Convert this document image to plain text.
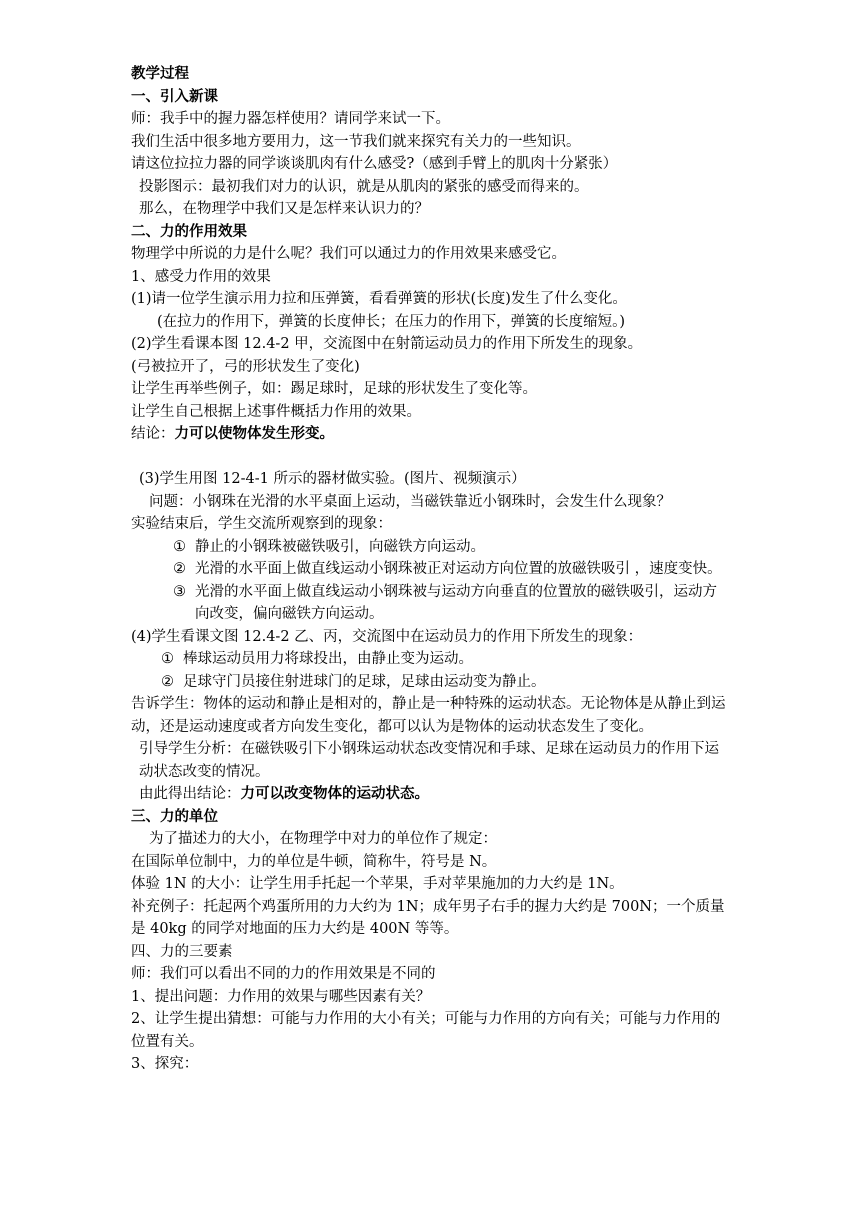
教学过程
一、引入新课
师：我手中的握力器怎样使用？请同学来试一下。
我们生活中很多地方要用力，这一节我们就来探究有关力的一些知识。
请这位拉拉力器的同学谈谈肌肉有什么感受?（感到手臂上的肌肉十分紧张）
投影图示：最初我们对力的认识，就是从肌肉的紧张的感受而得来的。
那么，在物理学中我们又是怎样来认识力的？
二、力的作用效果
物理学中所说的力是什么呢？我们可以通过力的作用效果来感受它。
1、感受力作用的效果
(1)请一位学生演示用力拉和压弹簧，看看弹簧的形状(长度)发生了什么变化。
(在拉力的作用下，弹簧的长度伸长；在压力的作用下，弹簧的长度缩短。)
(2)学生看课本图 12.4-2 甲，交流图中在射箭运动员力的作用下所发生的现象。
(弓被拉开了，弓的形状发生了变化)
让学生再举些例子，如：踢足球时，足球的形状发生了变化等。
让学生自己根据上述事件概括力作用的效果。
结论：力可以使物体发生形变。
(3)学生用图 12-4-1 所示的器材做实验。(图片、视频演示）
问题：小钢珠在光滑的水平桌面上运动，当磁铁靠近小钢珠时，会发生什么现象？
实验结束后，学生交流所观察到的现象：
① 静止的小钢珠被磁铁吸引，向磁铁方向运动。
② 光滑的水平面上做直线运动小钢珠被正对运动方向位置的放磁铁吸引 ，速度变快。
③ 光滑的水平面上做直线运动小钢珠被与运动方向垂直的位置放的磁铁吸引，运动方向改变，偏向磁铁方向运动。
(4)学生看课文图 12.4-2 乙、丙，交流图中在运动员力的作用下所发生的现象：
① 棒球运动员用力将球投出，由静止变为运动。
② 足球守门员接住射进球门的足球，足球由运动变为静止。
告诉学生：物体的运动和静止是相对的，静止是一种特殊的运动状态。无论物体是从静止到运动，还是运动速度或者方向发生变化，都可以认为是物体的运动状态发生了变化。
引导学生分析：在磁铁吸引下小钢珠运动状态改变情况和手球、足球在运动员力的作用下运动状态改变的情况。
由此得出结论：力可以改变物体的运动状态。
三、力的单位
为了描述力的大小，在物理学中对力的单位作了规定：
在国际单位制中，力的单位是牛顿，简称牛，符号是 N。
体验 1N 的大小：让学生用手托起一个苹果，手对苹果施加的力大约是 1N。
补充例子：托起两个鸡蛋所用的力大约为 1N；成年男子右手的握力大约是 700N；一个质量是 40kg 的同学对地面的压力大约是 400N 等等。
四、力的三要素
师：我们可以看出不同的力的作用效果是不同的
1、提出问题：力作用的效果与哪些因素有关？
2、让学生提出猜想：可能与力作用的大小有关；可能与力作用的方向有关；可能与力作用的位置有关。
3、探究：
